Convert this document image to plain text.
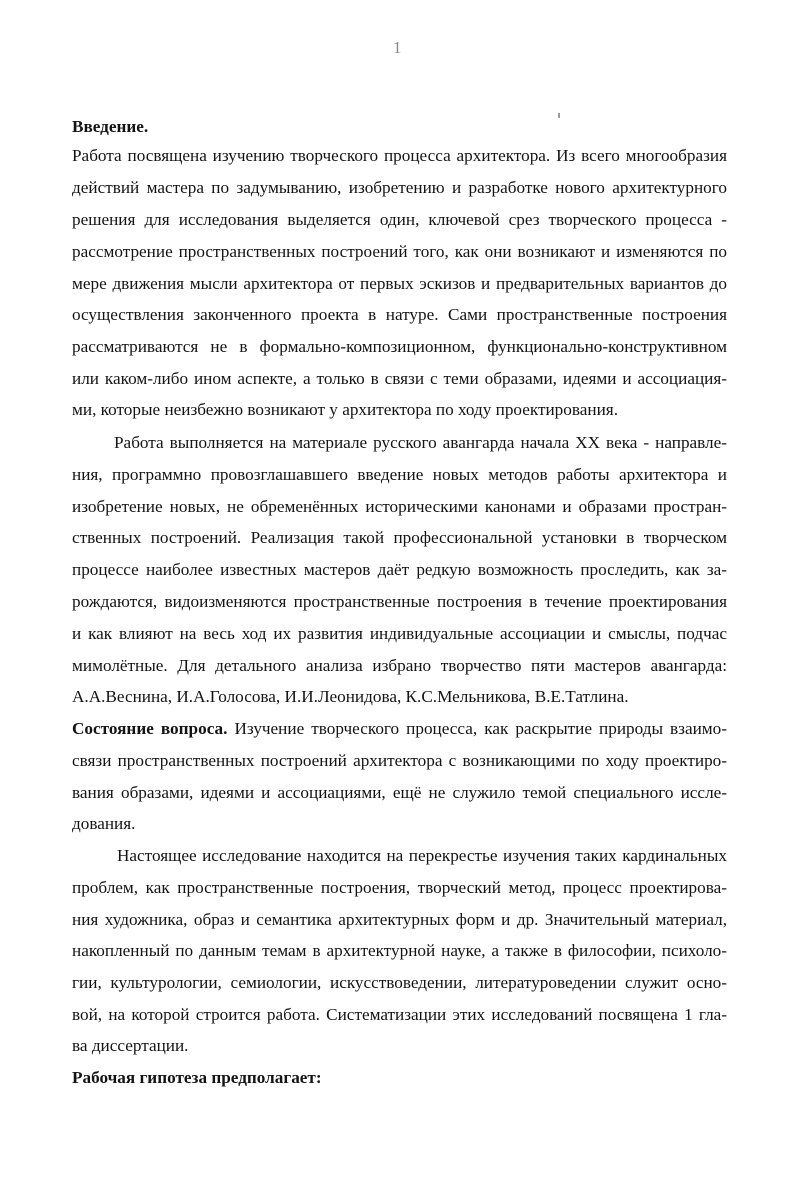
1
Введение.
Работа посвящена изучению творческого процесса архитектора. Из всего многообразия
действий мастера по задумыванию, изобретению и разработке нового архитектурного
решения для исследования выделяется один, ключевой срез творческого процесса -
рассмотрение пространственных построений того, как они возникают и изменяются по
мере движения мысли архитектора от первых эскизов и предварительных вариантов до
осуществления законченного проекта в натуре. Сами пространственные построения
рассматриваются не в формально-композиционном, функционально-конструктивном
или каком-либо ином аспекте, а только в связи с теми образами, идеями и ассоциация-
ми, которые неизбежно возникают у архитектора по ходу проектирования.
Работа выполняется на материале русского авангарда начала XX века - направле-
ния, программно провозглашавшего введение новых методов работы архитектора и
изобретение новых, не обременённых историческими канонами и образами простран-
ственных построений. Реализация такой профессиональной установки в творческом
процессе наиболее известных мастеров даёт редкую возможность проследить, как за-
рождаются, видоизменяются пространственные построения в течение проектирования
и как влияют на весь ход их развития индивидуальные ассоциации и смыслы, подчас
мимолётные. Для детального анализа избрано творчество пяти мастеров авангарда:
А.А.Веснина, И.А.Голосова, И.И.Леонидова, К.С.Мельникова, В.Е.Татлина.
Состояние вопроса. Изучение творческого процесса, как раскрытие природы взаимо-
связи пространственных построений архитектора с возникающими по ходу проектиро-
вания образами, идеями и ассоциациями, ещё не служило темой специального иссле-
дования.
Настоящее исследование находится на перекрестье изучения таких кардинальных
проблем, как пространственные построения, творческий метод, процесс проектирова-
ния художника, образ и семантика архитектурных форм и др. Значительный материал,
накопленный по данным темам в архитектурной науке, а также в философии, психоло-
гии, культурологии, семиологии, искусствоведении, литературоведении служит осно-
вой, на которой строится работа. Систематизации этих исследований посвящена 1 гла-
ва диссертации.
Рабочая гипотеза предполагает:
